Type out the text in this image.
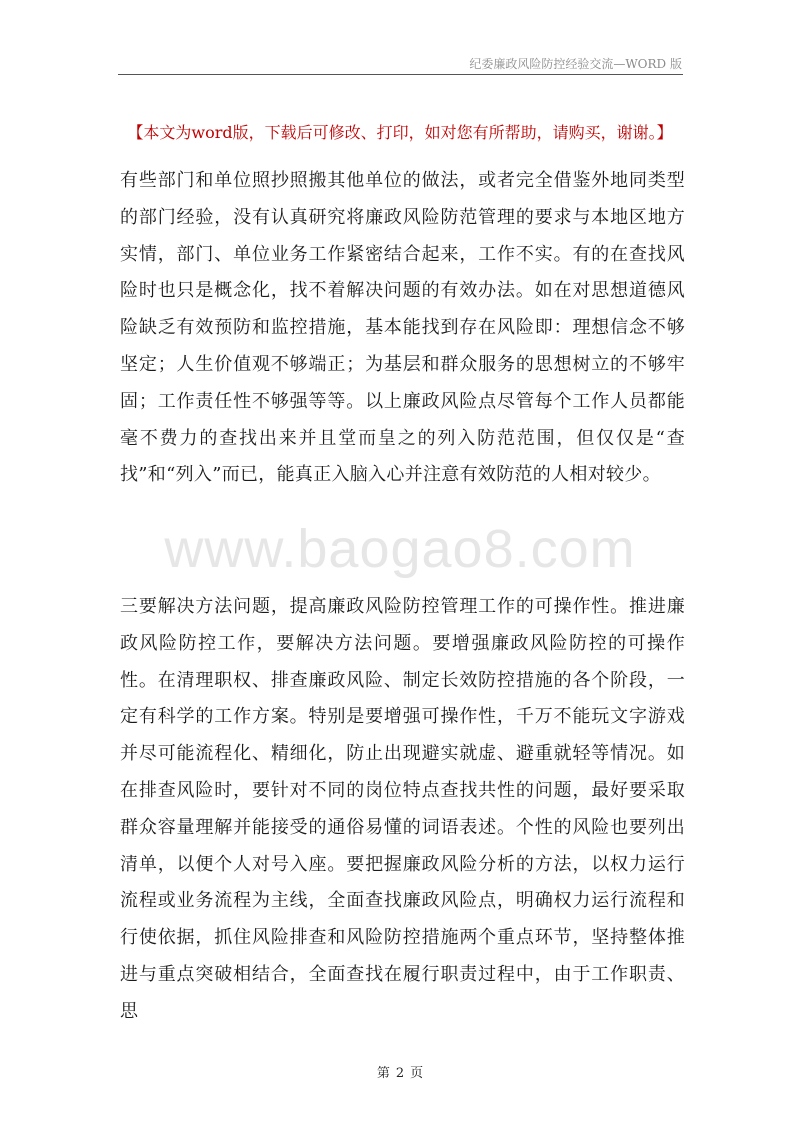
纪委廉政风险防控经验交流—WORD 版
【本文为word版，下载后可修改、打印，如对您有所帮助，请购买，谢谢。】

有些部门和单位照抄照搬其他单位的做法，或者完全借鉴外地同类型的部门经验，没有认真研究将廉政风险防范管理的要求与本地区地方实情，部门、单位业务工作紧密结合起来，工作不实。有的在查找风险时也只是概念化，找不着解决问题的有效办法。如在对思想道德风险缺乏有效预防和监控措施，基本能找到存在风险即：理想信念不够坚定；人生价值观不够端正；为基层和群众服务的思想树立的不够牢固；工作责任性不够强等等。以上廉政风险点尽管每个工作人员都能毫不费力的查找出来并且堂而皇之的列入防范范围，但仅仅是“查找”和“列入”而已，能真正入脑入心并注意有效防范的人相对较少。

www.baogao8.com

三要解决方法问题，提高廉政风险防控管理工作的可操作性。推进廉政风险防控工作，要解决方法问题。要增强廉政风险防控的可操作性。在清理职权、排查廉政风险、制定长效防控措施的各个阶段，一定有科学的工作方案。特别是要增强可操作性，千万不能玩文字游戏并尽可能流程化、精细化，防止出现避实就虚、避重就轻等情况。如在排查风险时，要针对不同的岗位特点查找共性的问题，最好要采取群众容量理解并能接受的通俗易懂的词语表述。个性的风险也要列出清单，以便个人对号入座。要把握廉政风险分析的方法，以权力运行流程或业务流程为主线，全面查找廉政风险点，明确权力运行流程和行使依据，抓住风险排查和风险防控措施两个重点环节，坚持整体推进与重点突破相结合，全面查找在履行职责过程中，由于工作职责、思

第 2 页
